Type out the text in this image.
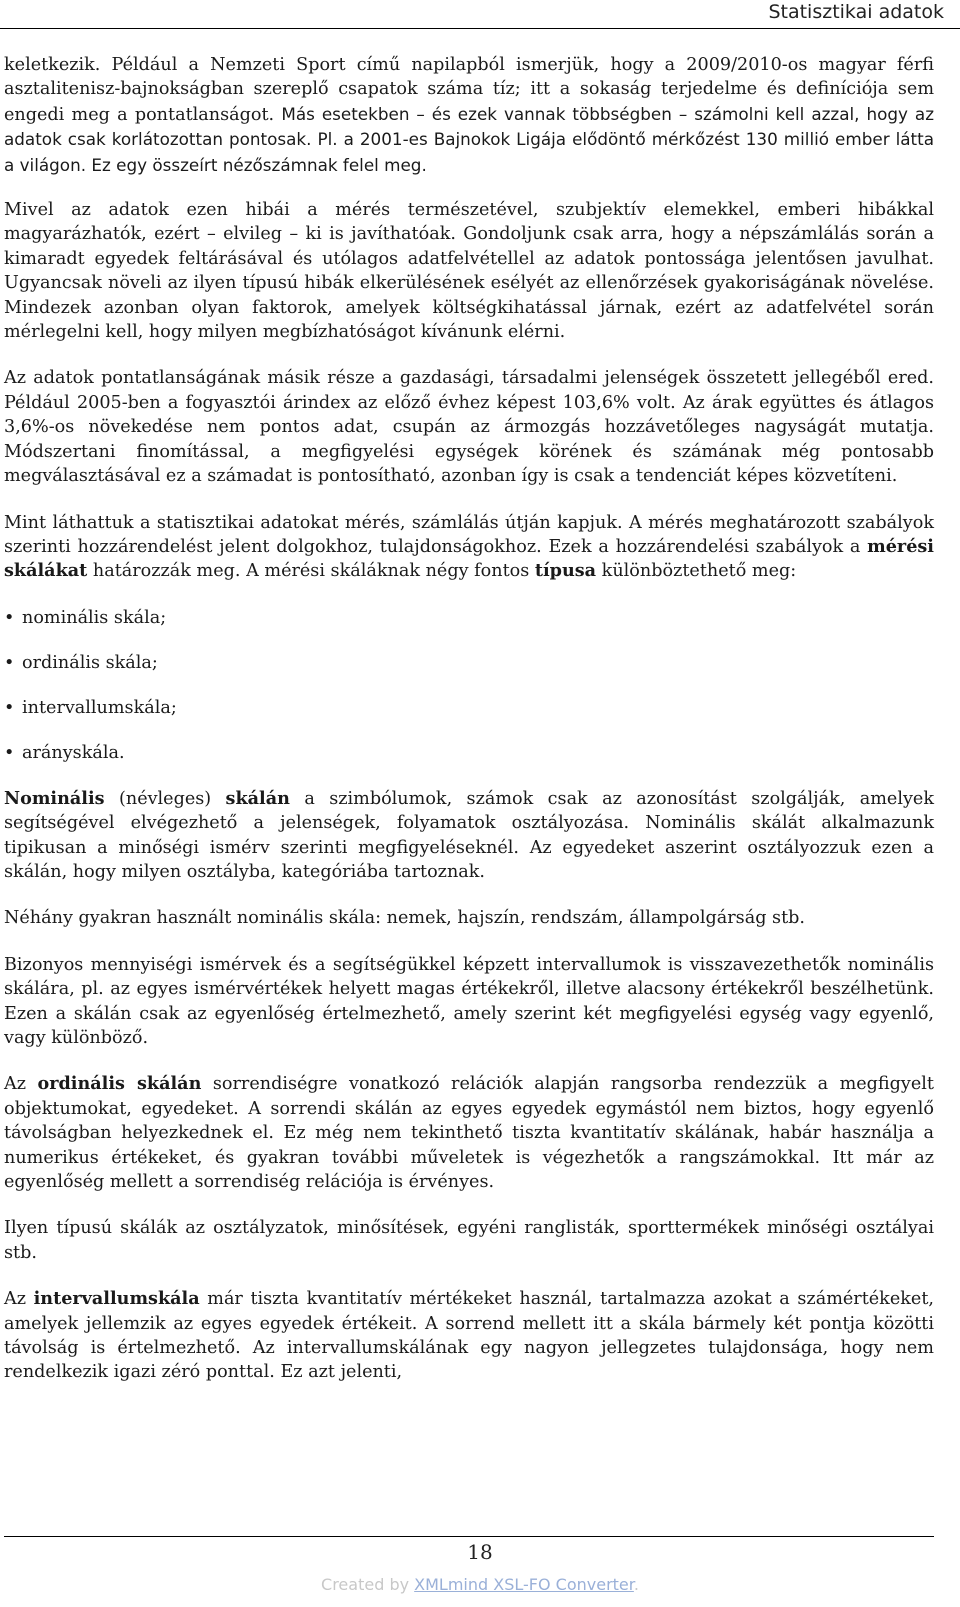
Statisztikai adatok

keletkezik. Például a Nemzeti Sport című napilapból ismerjük, hogy a 2009/2010-os magyar férfi asztalitenisz-bajnokságban szereplő csapatok száma tíz; itt a sokaság terjedelme és definíciója sem engedi meg a pontatlanságot. Más esetekben – és ezek vannak többségben – számolni kell azzal, hogy az adatok csak korlátozottan pontosak. Pl. a 2001-es Bajnokok Ligája elődöntő mérkőzést 130 millió ember látta a világon. Ez egy összeírt nézőszámnak felel meg.

Mivel az adatok ezen hibái a mérés természetével, szubjektív elemekkel, emberi hibákkal magyarázhatók, ezért – elvileg – ki is javíthatóak. Gondoljunk csak arra, hogy a népszámlálás során a kimaradt egyedek feltárásával és utólagos adatfelvétellel az adatok pontossága jelentősen javulhat. Ugyancsak növeli az ilyen típusú hibák elkerülésének esélyét az ellenőrzések gyakoriságának növelése. Mindezek azonban olyan faktorok, amelyek költségkihatással járnak, ezért az adatfelvétel során mérlegelni kell, hogy milyen megbízhatóságot kívánunk elérni.

Az adatok pontatlanságának másik része a gazdasági, társadalmi jelenségek összetett jellegéből ered. Például 2005-ben a fogyasztói árindex az előző évhez képest 103,6% volt. Az árak együttes és átlagos 3,6%-os növekedése nem pontos adat, csupán az ármozgás hozzávetőleges nagyságát mutatja. Módszertani finomítással, a megfigyelési egységek körének és számának még pontosabb megválasztásával ez a számadat is pontosítható, azonban így is csak a tendenciát képes közvetíteni.

Mint láthattuk a statisztikai adatokat mérés, számlálás útján kapjuk. A mérés meghatározott szabályok szerinti hozzárendelést jelent dolgokhoz, tulajdonságokhoz. Ezek a hozzárendelési szabályok a mérési skálákat határozzák meg. A mérési skáláknak négy fontos típusa különböztethető meg:

• nominális skála;
• ordinális skála;
• intervallumskála;
• arányskála.

Nominális (névleges) skálán a szimbólumok, számok csak az azonosítást szolgálják, amelyek segítségével elvégezhető a jelenségek, folyamatok osztályozása. Nominális skálát alkalmazunk tipikusan a minőségi ismérv szerinti megfigyeléseknél. Az egyedeket aszerint osztályozzuk ezen a skálán, hogy milyen osztályba, kategóriába tartoznak.

Néhány gyakran használt nominális skála: nemek, hajszín, rendszám, állampolgárság stb.

Bizonyos mennyiségi ismérvek és a segítségükkel képzett intervallumok is visszavezethetők nominális skálára, pl. az egyes ismérvértékek helyett magas értékekről, illetve alacsony értékekről beszélhetünk. Ezen a skálán csak az egyenlőség értelmezhető, amely szerint két megfigyelési egység vagy egyenlő, vagy különböző.

Az ordinális skálán sorrendiségre vonatkozó relációk alapján rangsorba rendezzük a megfigyelt objektumokat, egyedeket. A sorrendi skálán az egyes egyedek egymástól nem biztos, hogy egyenlő távolságban helyezkednek el. Ez még nem tekinthető tiszta kvantitatív skálának, habár használja a numerikus értékeket, és gyakran további műveletek is végezhetők a rangszámokkal. Itt már az egyenlőség mellett a sorrendiség relációja is érvényes.

Ilyen típusú skálák az osztályzatok, minősítések, egyéni ranglisták, sporttermékek minőségi osztályai stb.

Az intervallumskála már tiszta kvantitatív mértékeket használ, tartalmazza azokat a számértékeket, amelyek jellemzik az egyes egyedek értékeit. A sorrend mellett itt a skála bármely két pontja közötti távolság is értelmezhető. Az intervallumskálának egy nagyon jellegzetes tulajdonsága, hogy nem rendelkezik igazi zéró ponttal. Ez azt jelenti,

18
Created by XMLmind XSL-FO Converter.
